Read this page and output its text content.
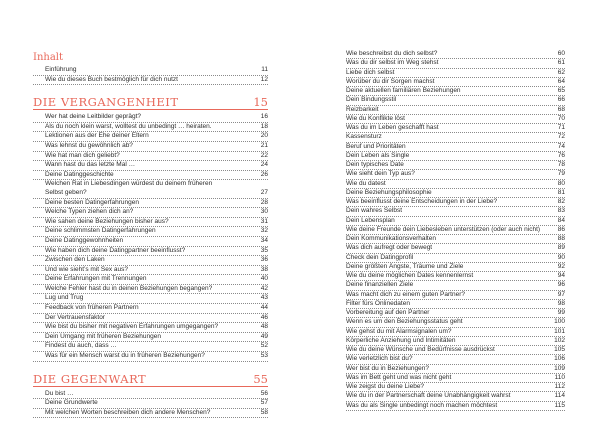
Inhalt
Einführung	11
Wie du dieses Buch bestmöglich für dich nutzt	12
DIE VERGANGENHEIT	15
Wer hat deine Leitbilder geprägt?	16
Als du noch klein warst, wolltest du unbedingt … heiraten.	18
Lektionen aus der Ehe deiner Eltern	20
Was lehnst du gewöhnlich ab?	21
Wie hat man dich geliebt?	22
Wann hast du das letzte Mal …	24
Deine Datinggeschichte	26
Welchen Rat in Liebesdingen würdest du deinem früheren
Selbst geben?	27
Deine besten Datingerfahrungen	28
Welche Typen ziehen dich an?	30
Wie sahen deine Beziehungen bisher aus?	31
Deine schlimmsten Datingerfahrungen	32
Deine Datinggewohnheiten	34
Wie haben dich deine Datingpartner beeinflusst?	35
Zwischen den Laken	36
Und wie sieht’s mit Sex aus?	38
Deine Erfahrungen mit Trennungen	40
Welche Fehler hast du in deinen Beziehungen begangen?	42
Lug und Trug	43
Feedback von früheren Partnern	44
Der Vertrauensfaktor	46
Wie bist du bisher mit negativen Erfahrungen umgegangen?	48
Dein Umgang mit früheren Beziehungen	49
Findest du auch, dass …	52
Was für ein Mensch warst du in früheren Beziehungen?	53
DIE GEGENWART	55
Du bist …	56
Deine Grundwerte	57
Mit welchen Worten beschreiben dich andere Menschen?	58
Wie beschreibst du dich selbst?	60
Was du dir selbst im Weg stehst	61
Liebe dich selbst	62
Worüber du dir Sorgen machst	64
Deine aktuellen familiären Beziehungen	65
Dein Bindungsstil	66
Reizbarkeit	68
Wie du Konflikte löst	70
Was du im Leben geschafft hast	71
Kassensturz	72
Beruf und Prioritäten	74
Dein Leben als Single	76
Dein typisches Date	78
Wie sieht dein Typ aus?	79
Wie du datest	80
Deine Beziehungsphilosophie	81
Was beeinflusst deine Entscheidungen in der Liebe?	82
Dein wahres Selbst	83
Dein Lebensplan	84
Wie deine Freunde dein Liebesleben unterstützen (oder auch nicht)	86
Dein Kommunikationsverhalten	88
Was dich aufregt oder bewegt	89
Check dein Datingprofil	90
Deine größten Ängste, Träume und Ziele	92
Wie du deine möglichen Dates kennenlernst	94
Deine finanziellen Ziele	96
Was macht dich zu einem guten Partner?	97
Filter fürs Onlinedaten	98
Vorbereitung auf den Partner	99
Wenn es um den Beziehungsstatus geht	100
Wie gehst du mit Alarmsignalen um?	101
Körperliche Anziehung und Intimitäten	102
Wie du deine Wünsche und Bedürfnisse ausdrückst	105
Wie verletzlich bist du?	106
Wer bist du in Beziehungen?	109
Was im Bett geht und was nicht geht	110
Wie zeigst du deine Liebe?	112
Wie du in der Partnerschaft deine Unabhängigkeit wahrst	114
Was du als Single unbedingt noch machen möchtest	115
